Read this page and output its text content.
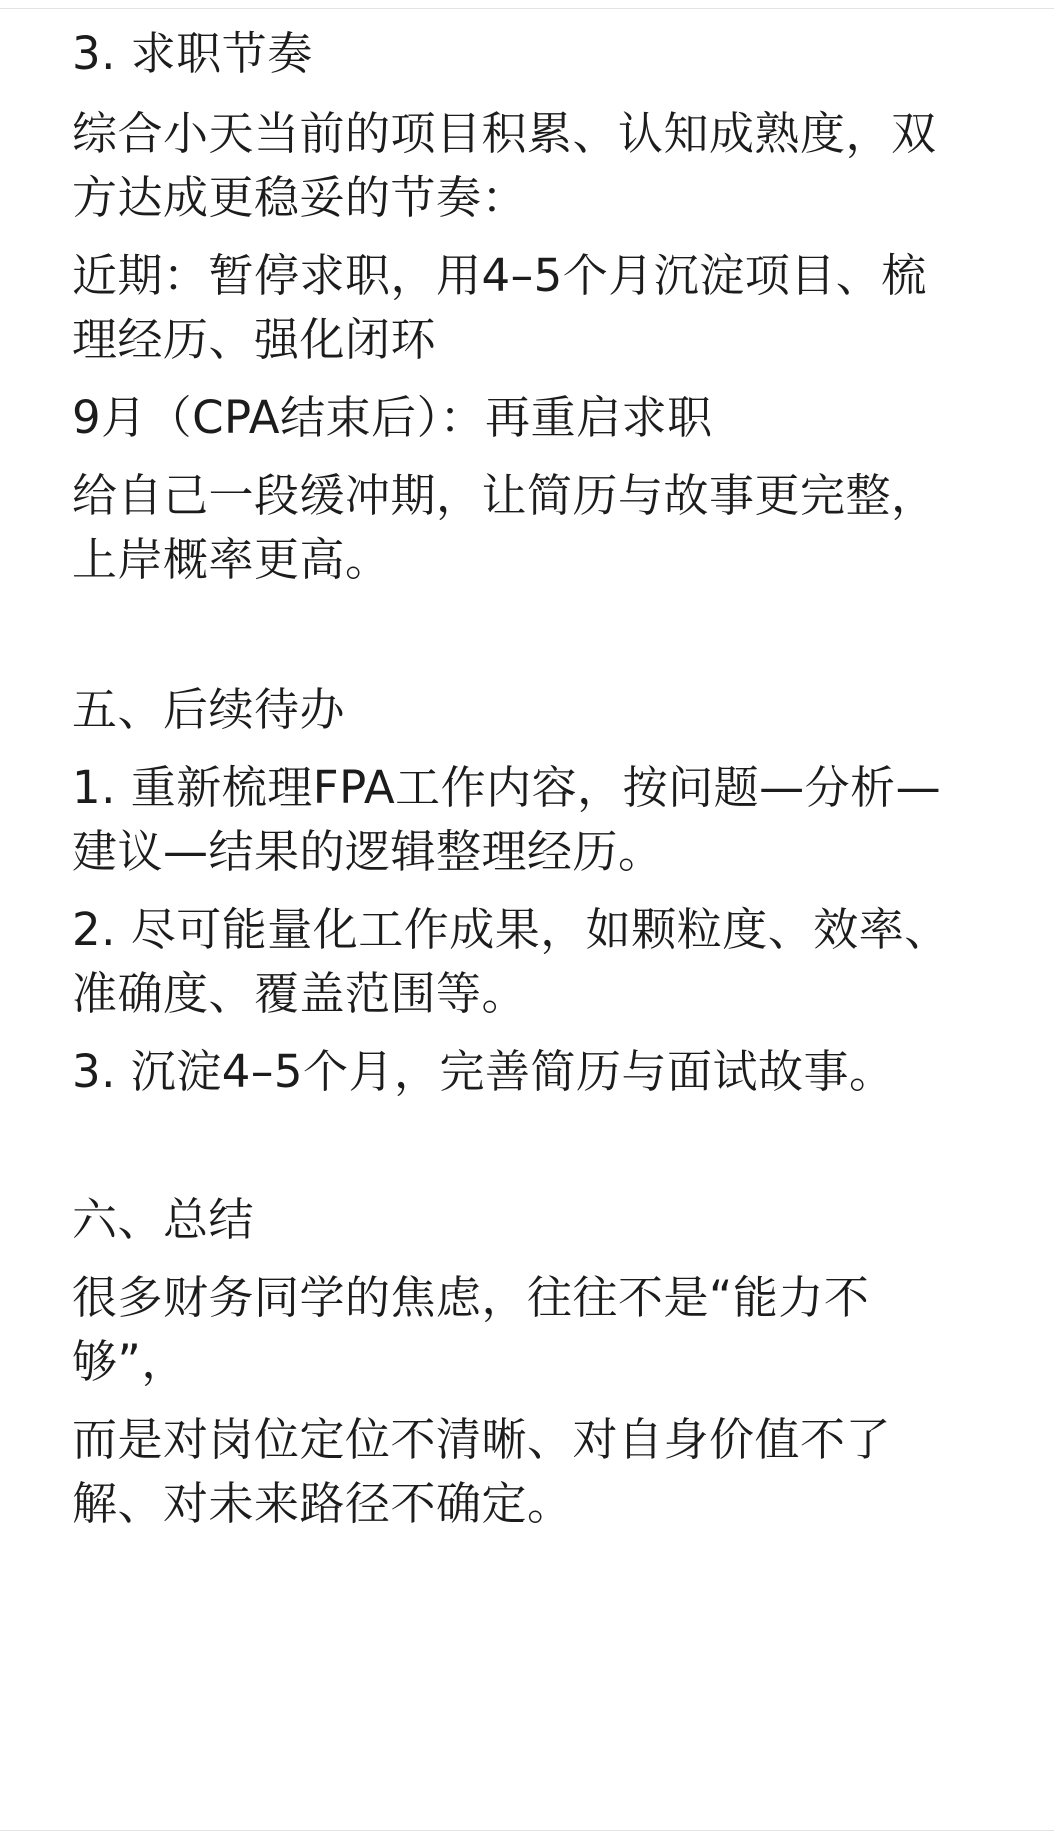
3. 求职节奏
综合小天当前的项目积累、认知成熟度，双
方达成更稳妥的节奏：
近期：暂停求职，用4–5个月沉淀项目、梳
理经历、强化闭环
9月（CPA结束后）：再重启求职
给自己一段缓冲期，让简历与故事更完整，
上岸概率更高。
五、后续待办
1. 重新梳理FPA工作内容，按问题—分析—
建议—结果的逻辑整理经历。
2. 尽可能量化工作成果，如颗粒度、效率、
准确度、覆盖范围等。
3. 沉淀4–5个月，完善简历与面试故事。
六、总结
很多财务同学的焦虑，往往不是“能力不
够”，
而是对岗位定位不清晰、对自身价值不了
解、对未来路径不确定。
